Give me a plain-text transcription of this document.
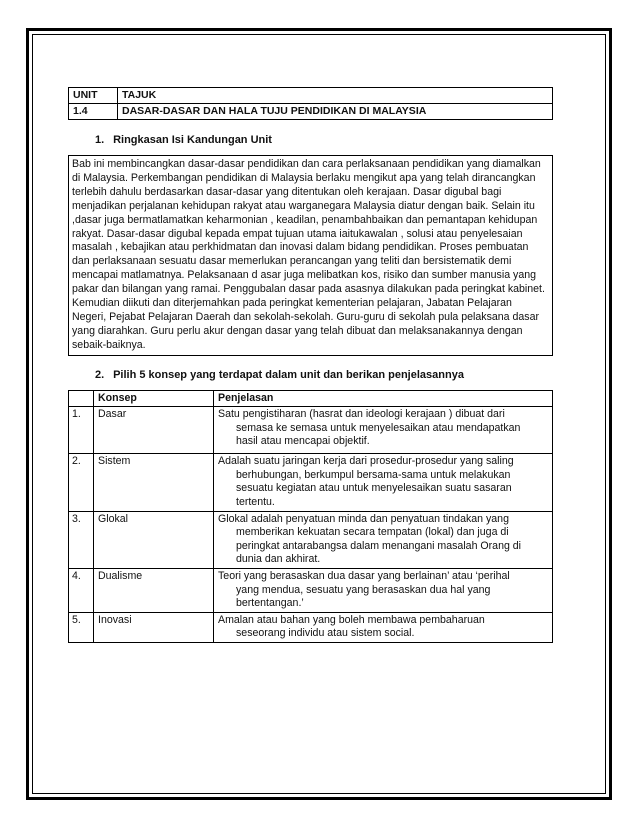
UNIT	TAJUK
1.4	DASAR-DASAR DAN HALA TUJU PENDIDIKAN DI MALAYSIA
1. Ringkasan Isi Kandungan Unit
Bab ini membincangkan dasar-dasar pendidikan dan cara perlaksanaan pendidikan yang diamalkan di Malaysia. Perkembangan pendidikan di Malaysia berlaku mengikut apa yang telah dirancangkan terlebih dahulu berdasarkan dasar-dasar yang ditentukan oleh kerajaan. Dasar digubal bagi menjadikan perjalanan kehidupan rakyat atau warganegara Malaysia diatur dengan baik. Selain itu ,dasar juga bermatlamatkan keharmonian , keadilan, penambahbaikan dan pemantapan kehidupan rakyat. Dasar-dasar digubal kepada empat tujuan utama iaitukawalan , solusi atau penyelesaian masalah , kebajikan atau perkhidmatan dan inovasi dalam bidang pendidikan. Proses pembuatan dan perlaksanaan sesuatu dasar memerlukan perancangan yang teliti dan bersistematik demi mencapai matlamatnya. Pelaksanaan d asar juga melibatkan kos, risiko dan sumber manusia yang pakar dan bilangan yang ramai. Penggubalan dasar pada asasnya dilakukan pada peringkat kabinet. Kemudian diikuti dan diterjemahkan pada peringkat kementerian pelajaran, Jabatan Pelajaran Negeri, Pejabat Pelajaran Daerah dan sekolah-sekolah. Guru-guru di sekolah pula pelaksana dasar yang diarahkan. Guru perlu akur dengan dasar yang telah dibuat dan melaksanakannya dengan sebaik-baiknya.
2. Pilih 5 konsep yang terdapat dalam unit dan berikan penjelasannya
	Konsep	Penjelasan
1.	Dasar	Satu pengistiharan (hasrat dan ideologi kerajaan ) dibuat dari
semasa ke semasa untuk menyelesaikan atau mendapatkan hasil atau mencapai objektif.

2.	Sistem	Adalah suatu jaringan kerja dari prosedur-prosedur yang saling
berhubungan, berkumpul bersama-sama untuk melakukan sesuatu kegiatan atau untuk menyelesaikan suatu sasaran tertentu.

3.	Glokal	Glokal adalah penyatuan minda dan penyatuan tindakan yang
memberikan kekuatan secara tempatan (lokal) dan juga di peringkat antarabangsa dalam menangani masalah Orang di dunia dan akhirat.

4.	Dualisme	Teori yang berasaskan dua dasar yang berlainan’ atau ‘perihal
yang mendua, sesuatu yang berasaskan dua hal yang bertentangan.’

5.	Inovasi	Amalan atau bahan yang boleh membawa pembaharuan
seseorang individu atau sistem social.
